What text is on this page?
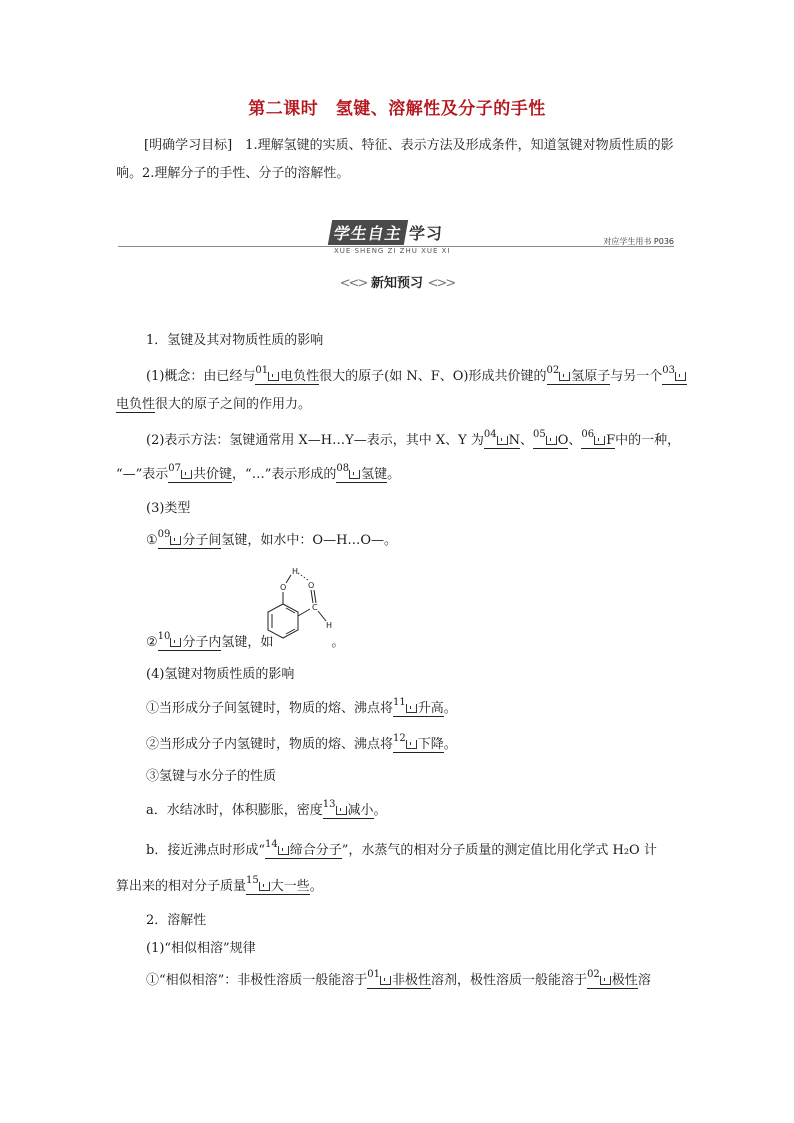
第二课时　氢键、溶解性及分子的手性
[明确学习目标]　 1.理解氢键的实质、特征、表示方法及形成条件，知道氢键对物质性质的影响。2.理解分子的手性、分子的溶解性。
学生自主 学习
XUE SHENG ZI ZHU XUE XI
对应学生用书 P036
<<> 新知预习 <>>
1．氢键及其对物质性质的影响
(1)概念：由已经与$^{01}$ 电负性很大的原子(如 N、F、O)形成共价键的$^{02}$ 氢原子与另一个$^{03}$
电负性很大的原子之间的作用力。
(2)表示方法：氢键通常用 X—H…Y—表示，其中 X、Y 为$^{04}$ N、$^{05}$ O、$^{06}$ F中的一种，
“—”表示$^{07}$ 共价键，“…”表示形成的$^{08}$ 氢键。
(3)类型
①$^{09}$ 分子间氢键，如水中：O—H…O—。
H
O	O
C
H
②$^{10}$ 分子内氢键，如	。
(4)氢键对物质性质的影响
①当形成分子间氢键时，物质的熔、沸点将$^{11}$ 升高。
②当形成分子内氢键时，物质的熔、沸点将$^{12}$ 下降。
③氢键与水分子的性质
a．水结冰时，体积膨胀，密度$^{13}$ 减小。
b．接近沸点时形成“$^{14}$ 缔合分子”，水蒸气的相对分子质量的测定值比用化学式 H₂O 计
算出来的相对分子质量$^{15}$ 大一些。
2．溶解性
(1)“相似相溶”规律
①“相似相溶”：非极性溶质一般能溶于$^{01}$ 非极性溶剂，极性溶质一般能溶于$^{02}$ 极性溶
